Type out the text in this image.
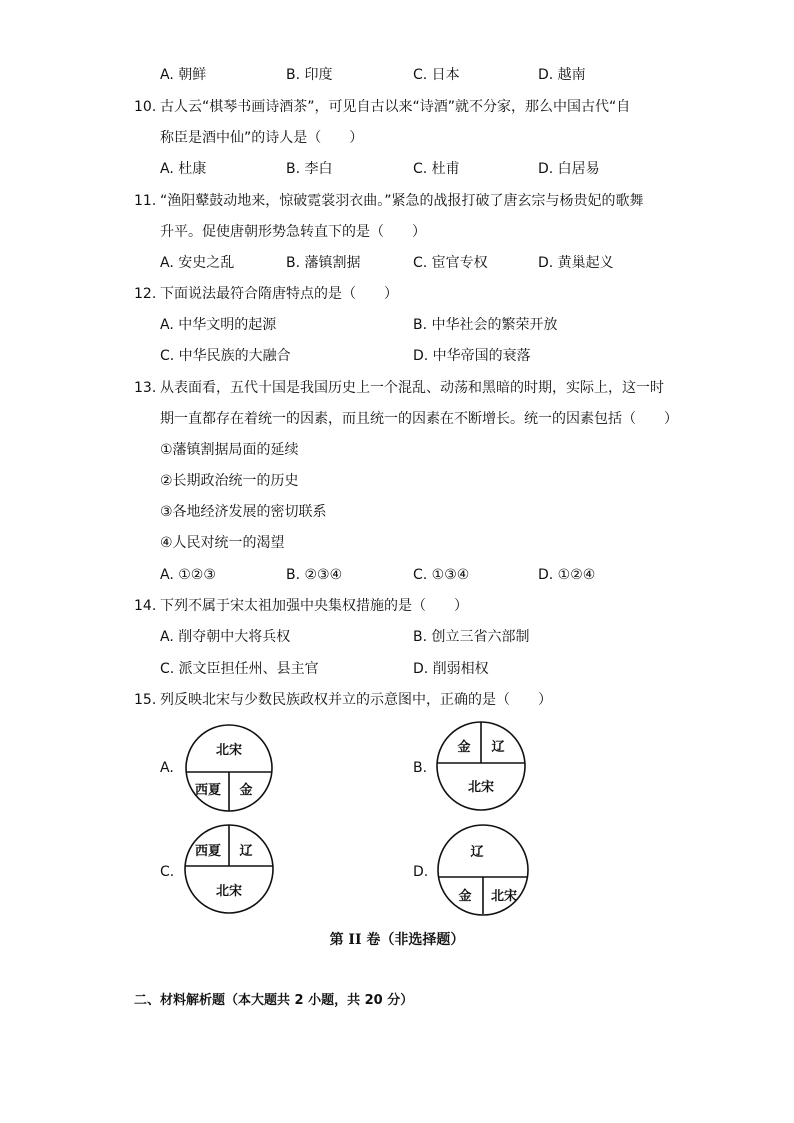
A. 朝鲜	B. 印度	C. 日本	D. 越南
10. 古人云“棋琴书画诗酒茶”，可见自古以来“诗酒”就不分家，那么中国古代“自
称臣是酒中仙”的诗人是（　　）
A. 杜康	B. 李白	C. 杜甫	D. 白居易
11. “渔阳鼙鼓动地来，惊破霓裳羽衣曲。”紧急的战报打破了唐玄宗与杨贵妃的歌舞
升平。促使唐朝形势急转直下的是（　　）
A. 安史之乱	B. 藩镇割据	C. 宦官专权	D. 黄巢起义
12. 下面说法最符合隋唐特点的是（　　）
A. 中华文明的起源	B. 中华社会的繁荣开放
C. 中华民族的大融合	D. 中华帝国的衰落
13. 从表面看，五代十国是我国历史上一个混乱、动荡和黑暗的时期，实际上，这一时
期一直都存在着统一的因素，而且统一的因素在不断增长。统一的因素包括（　　）
①藩镇割据局面的延续
②长期政治统一的历史
③各地经济发展的密切联系
④人民对统一的渴望
A. ①②③	B. ②③④	C. ①③④	D. ①②④
14. 下列不属于宋太祖加强中央集权措施的是（　　）
A. 削夺朝中大将兵权	B. 创立三省六部制
C. 派文臣担任州、县主官	D. 削弱相权
15. 列反映北宋与少数民族政权并立的示意图中，正确的是（　　）
A.
北宋
西夏 金
B.
金 辽
北宋
C.
西夏 辽
北宋
D.
辽
金 北宋
第 II 卷（非选择题）
二、材料解析题（本大题共 2 小题，共 20 分）
